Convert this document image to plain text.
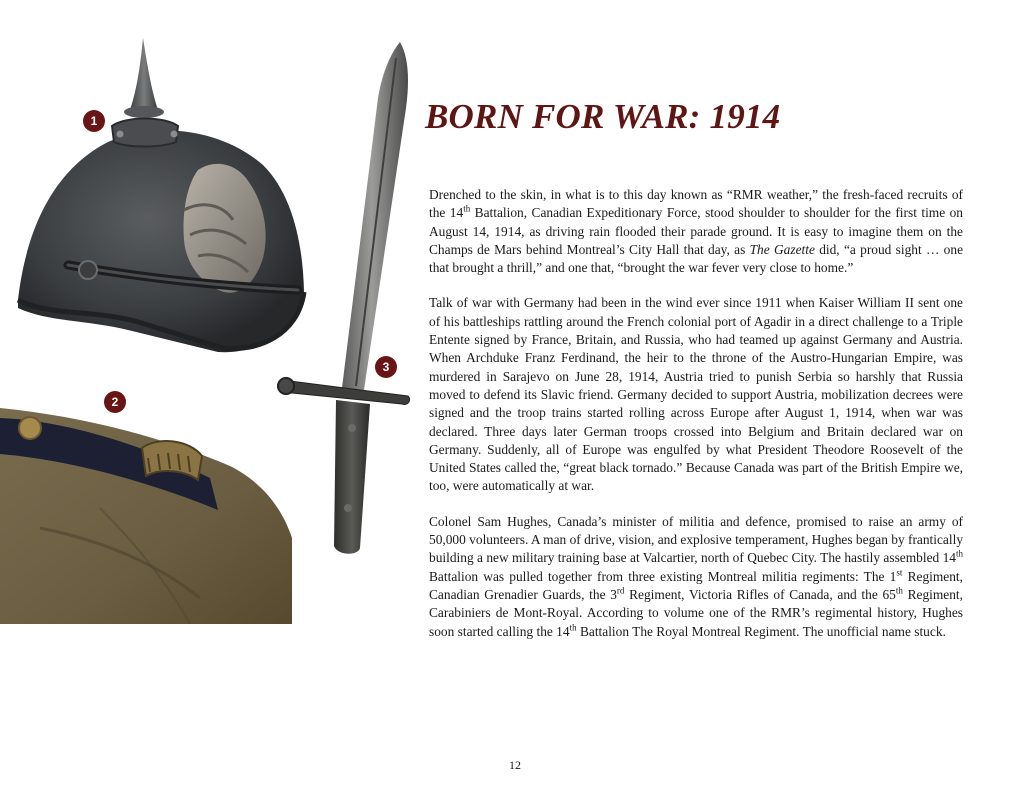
1
2
3
BORN FOR WAR: 1914

Drenched to the skin, in what is to this day known as “RMR weather,” the fresh-faced recruits of the 14th Battalion, Canadian Expeditionary Force, stood shoulder to shoulder for the first time on August 14, 1914, as driving rain flooded their parade ground. It is easy to imagine them on the Champs de Mars behind Montreal’s City Hall that day, as The Gazette did, “a proud sight … one that brought a thrill,” and one that, “brought the war fever very close to home.”

Talk of war with Germany had been in the wind ever since 1911 when Kaiser William II sent one of his battleships rattling around the French colonial port of Agadir in a direct challenge to a Triple Entente signed by France, Britain, and Russia, who had teamed up against Germany and Austria. When Archduke Franz Ferdinand, the heir to the throne of the Austro-Hungarian Empire, was murdered in Sarajevo on June 28, 1914, Austria tried to punish Serbia so harshly that Russia moved to defend its Slavic friend. Germany decided to support Austria, mobilization decrees were signed and the troop trains started rolling across Europe after August 1, 1914, when war was declared. Three days later German troops crossed into Belgium and Britain declared war on Germany. Suddenly, all of Europe was engulfed by what President Theodore Roosevelt of the United States called the, “great black tornado.” Because Canada was part of the British Empire we, too, were automatically at war.

Colonel Sam Hughes, Canada’s minister of militia and defence, promised to raise an army of 50,000 volunteers. A man of drive, vision, and explosive temperament, Hughes began by frantically building a new military training base at Valcartier, north of Quebec City. The hastily assembled 14th Battalion was pulled together from three existing Montreal militia regiments: The 1st Regiment, Canadian Grenadier Guards, the 3rd Regiment, Victoria Rifles of Canada, and the 65th Regiment, Carabiniers de Mont-Royal. According to volume one of the RMR’s regimental history, Hughes soon started calling the 14th Battalion The Royal Montreal Regiment. The unofficial name stuck.

12
